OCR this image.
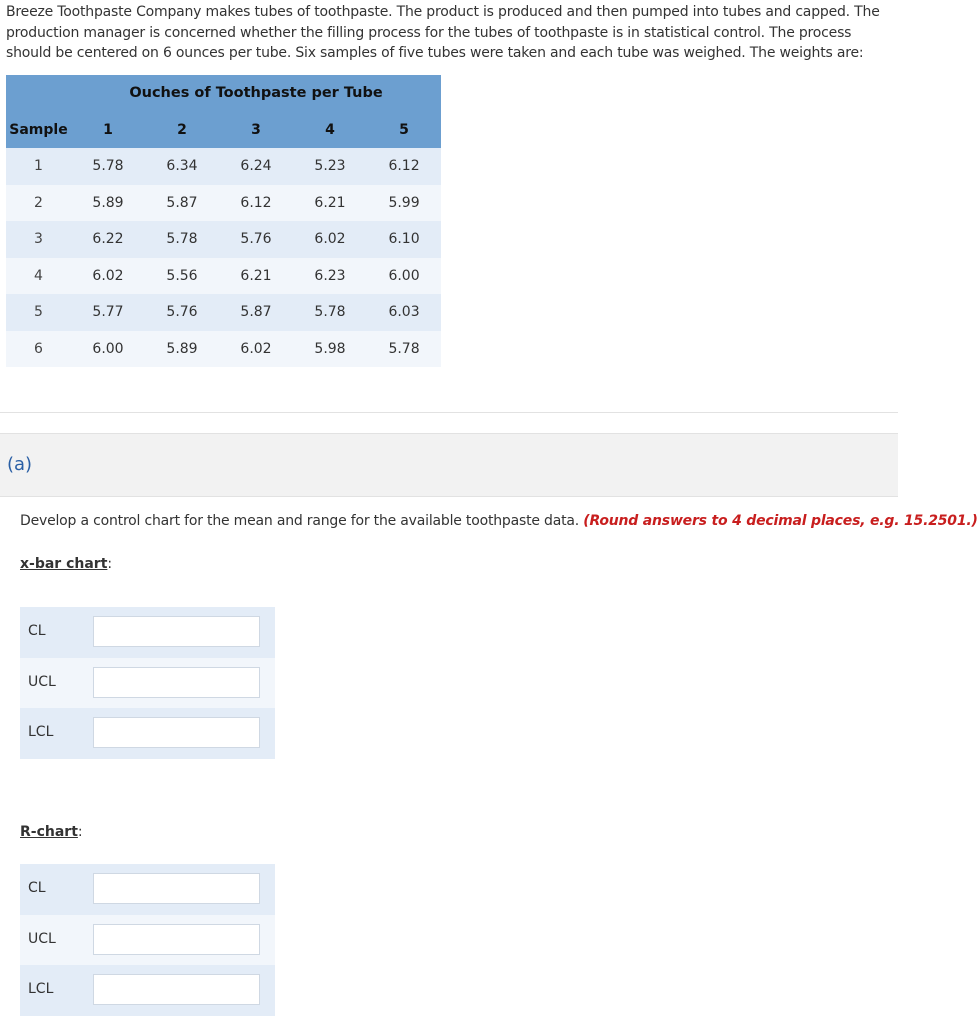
Breeze Toothpaste Company makes tubes of toothpaste. The product is produced and then pumped into tubes and capped. The production manager is concerned whether the filling process for the tubes of toothpaste is in statistical control. The process should be centered on 6 ounces per tube. Six samples of five tubes were taken and each tube was weighed. The weights are:
	Ouches of Toothpaste per Tube				
Sample	1	2	3	4	5
1	5.78	6.34	6.24	5.23	6.12
2	5.89	5.87	6.12	6.21	5.99
3	6.22	5.78	5.76	6.02	6.10
4	6.02	5.56	6.21	6.23	6.00
5	5.77	5.76	5.87	5.78	6.03
6	6.00	5.89	6.02	5.98	5.78
(a)
Develop a control chart for the mean and range for the available toothpaste data. (Round answers to 4 decimal places, e.g. 15.2501.)
x-bar chart:
CL
UCL
LCL
R-chart:
CL
UCL
LCL
